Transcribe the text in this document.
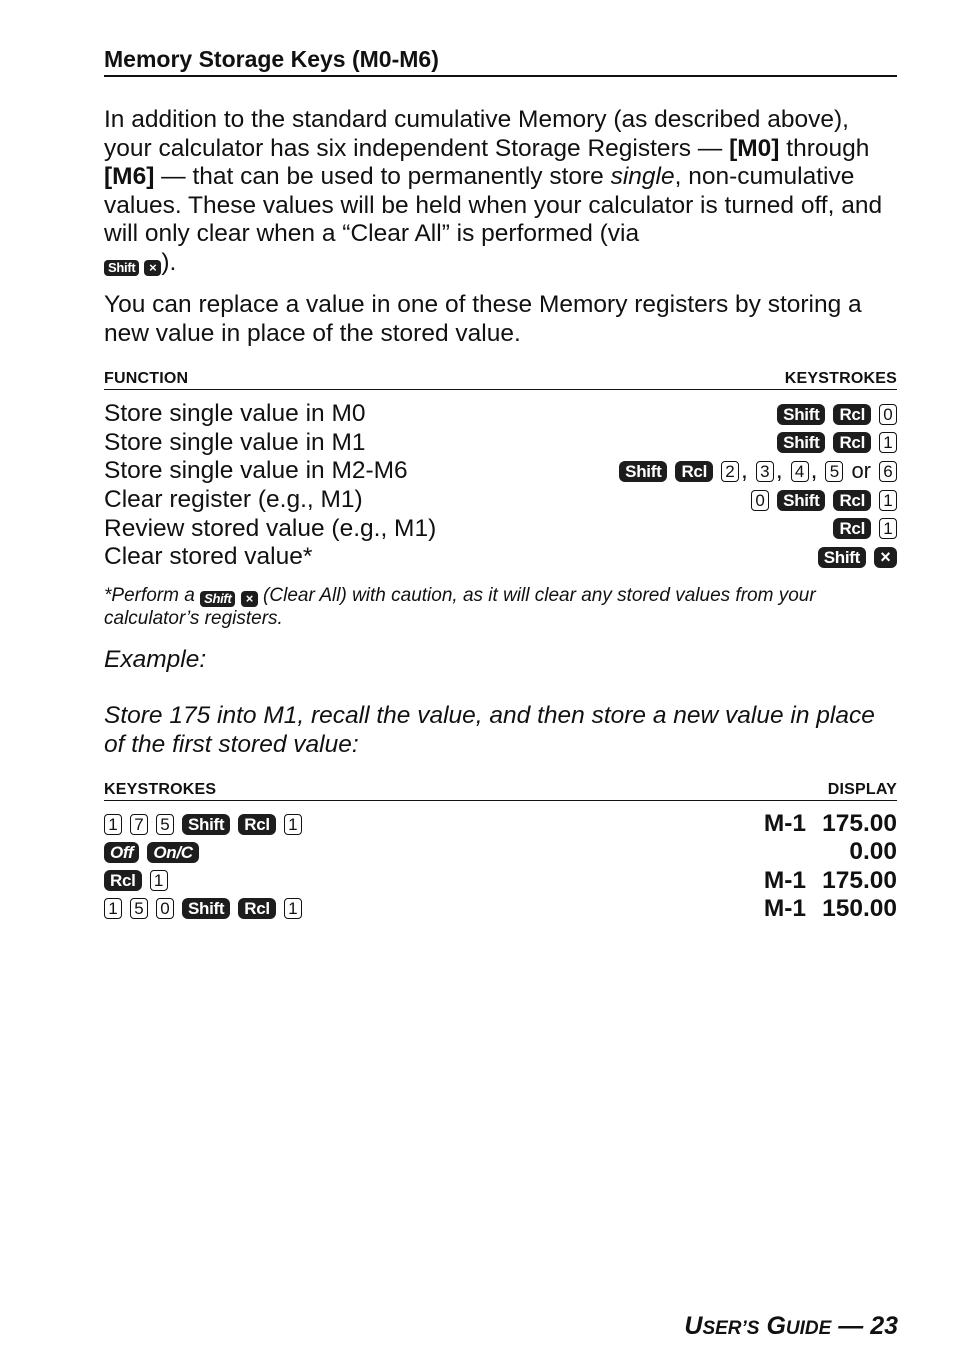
Memory Storage Keys (M0-M6)

In addition to the standard cumulative Memory (as described above), your calculator has six independent Storage Registers — [M0] through [M6] — that can be used to permanently store single, non-cumulative values. These values will be held when your calculator is turned off, and will only clear when a “Clear All” is performed (via

Shift	× ).

You can replace a value in one of these Memory registers by storing a new value in place of the stored value.

FUNCTION	KEYSTROKES
Store single value in M0	Shift	Rcl	0
Store single value in M1	Shift	Rcl	1
Store single value in M2-M6	Shift	Rcl	2 , 3 , 4 , 5 or 6
Clear register (e.g., M1)	0	Shift	Rcl	1
Review stored value (e.g., M1)	Rcl	1
Clear stored value*	Shift	×
*Perform a Shift × (Clear All) with caution, as it will clear any stored values from your calculator’s registers.
Example:
Store 175 into M1, recall the value, and then store a new value in place of the first stored value:
KEYSTROKES	DISPLAY
1 7 5	Shift	Rcl	1	M-1 175.00
Off	On/C	0.00
Rcl	1	M-1 175.00
1 5 0	Shift	Rcl	1	M-1 150.00
USER’S GUIDE — 23
